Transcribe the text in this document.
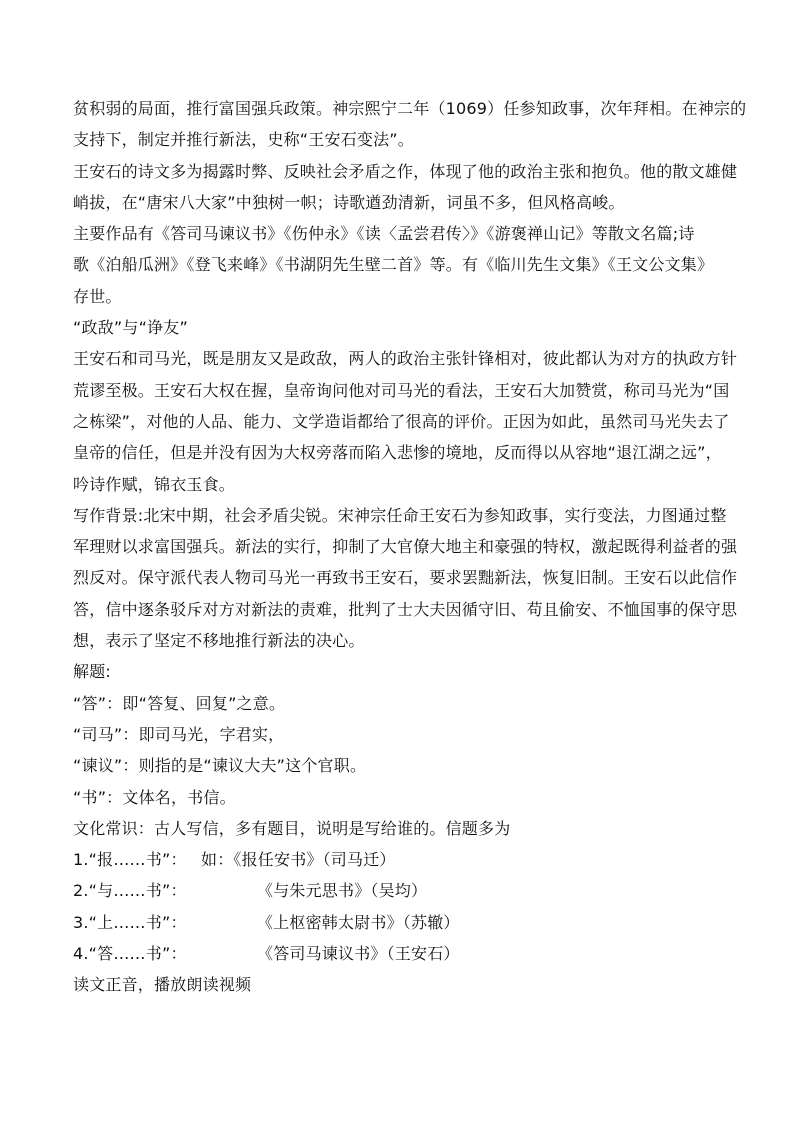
贫积弱的局面，推行富国强兵政策。神宗熙宁二年（1069）任参知政事，次年拜相。在神宗的

支持下，制定并推行新法，史称“王安石变法”。

王安石的诗文多为揭露时弊、反映社会矛盾之作，体现了他的政治主张和抱负。他的散文雄健

峭拔，在“唐宋八大家”中独树一帜；诗歌遒劲清新，词虽不多，但风格高峻。

主要作品有《答司马谏议书》《伤仲永》《读〈孟尝君传〉》《游褒禅山记》等散文名篇;诗

歌《泊船瓜洲》《登飞来峰》《书湖阴先生壁二首》等。有《临川先生文集》《王文公文集》

存世。

“政敌”与“诤友”

王安石和司马光，既是朋友又是政敌，两人的政治主张针锋相对，彼此都认为对方的执政方针

荒谬至极。王安石大权在握，皇帝询问他对司马光的看法，王安石大加赞赏，称司马光为“国

之栋梁”，对他的人品、能力、文学造诣都给了很高的评价。正因为如此，虽然司马光失去了

皇帝的信任，但是并没有因为大权旁落而陷入悲惨的境地，反而得以从容地“退江湖之远”，

吟诗作赋，锦衣玉食。

写作背景:北宋中期，社会矛盾尖锐。宋神宗任命王安石为参知政事，实行变法，力图通过整

军理财以求富国强兵。新法的实行，抑制了大官僚大地主和豪强的特权，激起既得利益者的强

烈反对。保守派代表人物司马光一再致书王安石，要求罢黜新法，恢复旧制。王安石以此信作

答，信中逐条驳斥对方对新法的责难，批判了士大夫因循守旧、苟且偷安、不恤国事的保守思

想，表示了坚定不移地推行新法的决心。

解题:

“答”：即“答复、回复”之意。

“司马”：即司马光，字君实，

“谏议”：则指的是“谏议大夫”这个官职。

“书”：文体名，书信。

文化常识：古人写信，多有题目，说明是写给谁的。信题多为

1.“报……书”： 如：《报任安书》（司马迁）

2.“与……书”：	《与朱元思书》（吴均）

3.“上……书”：	《上枢密韩太尉书》（苏辙）

4.“答……书”：	《答司马谏议书》（王安石）

读文正音，播放朗读视频
